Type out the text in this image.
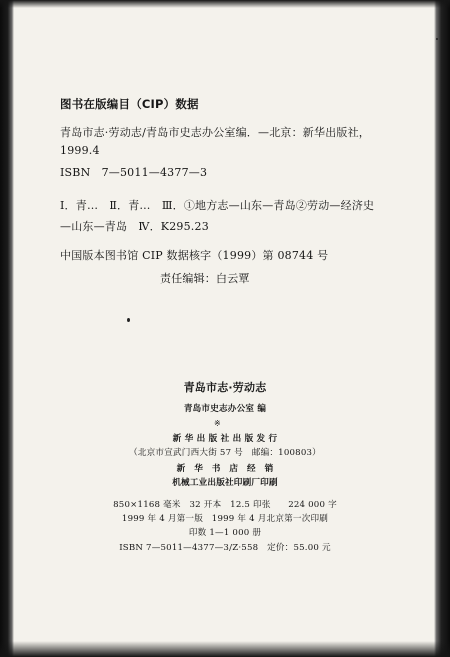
图书在版编目（CIP）数据
青岛市志·劳动志/青岛市史志办公室编．—北京：新华出版社，
1999.4
ISBN　7—5011—4377—3
Ⅰ．青…　Ⅱ．青…　Ⅲ．①地方志—山东—青岛②劳动—经济史
—山东—青岛　Ⅳ．K295.23
中国版本图书馆 CIP 数据核字（1999）第 08744 号
责任编辑：白云覃
青岛市志·劳动志
青岛市史志办公室 编
※
新 华 出 版 社 出 版 发 行
（北京市宣武门西大街 57 号　邮编：100803）
新　华　书　店　经　销
机械工业出版社印刷厂印刷
850×1168 毫米　32 开本　12.5 印张　　224 000 字
1999 年 4 月第一版　1999 年 4 月北京第一次印刷
印数 1—1 000 册
ISBN 7—5011—4377—3/Z·558　定价：55.00 元
